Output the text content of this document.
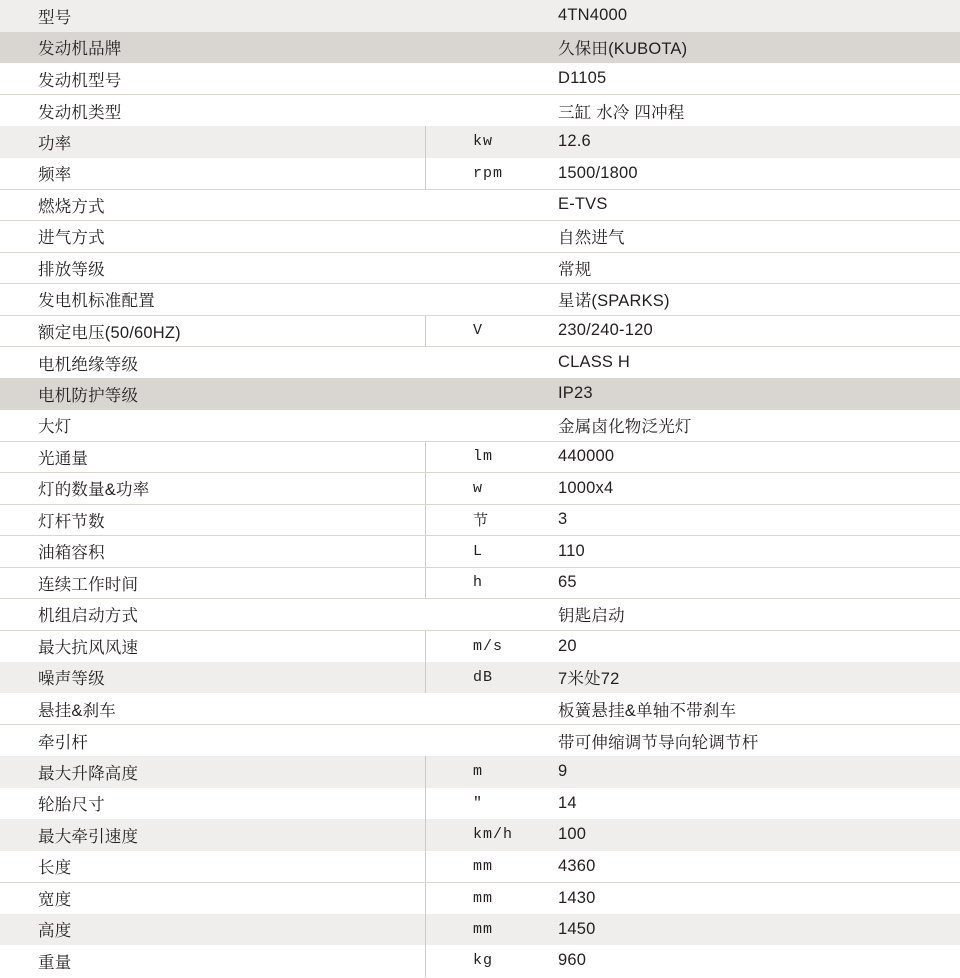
型号		4TN4000
发动机品牌		久保田(KUBOTA)
发动机型号		D1105
发动机类型		三缸 水冷 四冲程
功率	kw	12.6
频率	rpm	1500/1800
燃烧方式		E-TVS
进气方式		自然进气
排放等级		常规
发电机标准配置		星诺(SPARKS)
额定电压(50/60HZ)	V	230/240-120
电机绝缘等级		CLASS H
电机防护等级		IP23
大灯		金属卤化物泛光灯
光通量	lm	440000
灯的数量&功率	w	1000x4
灯杆节数	节	3
油箱容积	L	110
连续工作时间	h	65
机组启动方式		钥匙启动
最大抗风风速	m/s	20
噪声等级	dB	7米处72
悬挂&刹车		板簧悬挂&单轴不带刹车
牵引杆		带可伸缩调节导向轮调节杆
最大升降高度	m	9
轮胎尺寸	"	14
最大牵引速度	km/h	100
长度	mm	4360
宽度	mm	1430
高度	mm	1450
重量	kg	960
